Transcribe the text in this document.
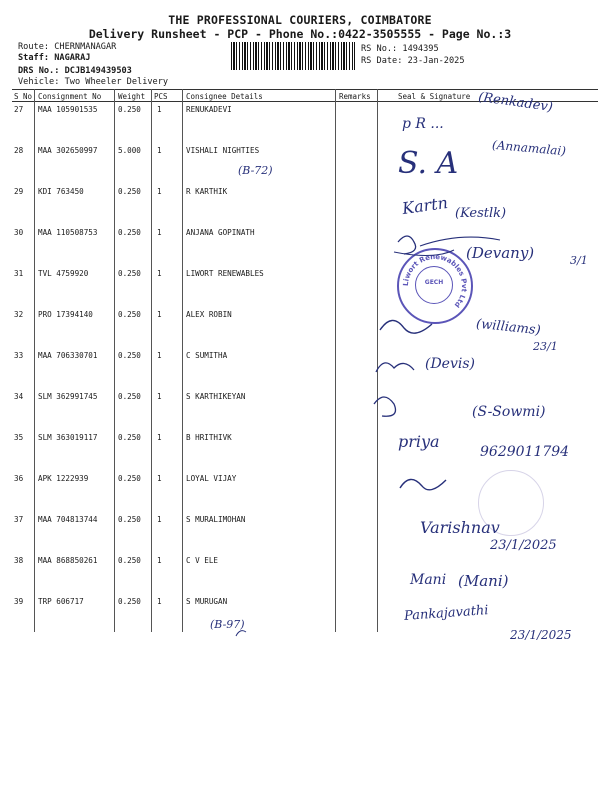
THE PROFESSIONAL COURIERS, COIMBATORE
Delivery Runsheet - PCP - Phone No.:0422-3505555 - Page No.:3
Route: CHERNMANAGAR
Staff: NAGARAJ
DRS No.: DCJB149439503
Vehicle: Two Wheeler Delivery
RS No.: 1494395
RS Date: 23-Jan-2025
S No Consignment No Weight PCS Consignee Details	Remarks	Seal & Signature
27 MAA 105901535	0.250 1	RENUKADEVI
28 MAA 302650997	5.000 1	VISHALI NIGHTIES
29 KDI 763450	0.250 1	R KARTHIK
30 MAA 110508753	0.250 1	ANJANA GOPINATH
31 TVL 4759920	0.250 1	LIWORT RENEWABLES
32 PRO 17394140	0.250 1	ALEX ROBIN
33 MAA 706330701	0.250 1	C SUMITHA
34 SLM 362991745	0.250 1	S KARTHIKEYAN
35 SLM 363019117	0.250 1	B HRITHIVK
36 APK 1222939	0.250 1	LOYAL VIJAY
37 MAA 704813744	0.250 1	S MURALIMOHAN
38 MAA 868850261	0.250 1	C V ELE
39 TRP 606717	0.250 1	S MURUGAN
Liwort Renewables Pvt Ltd
GECH
(Renkadev)
p R ...
S. A	(Annamalai)
(B-72)
Kartn (Kestlk)
(Devany)	3/1
(williams)
23/1
(Devis)
(S-Sowmi)
priya
9629011794
Varishnav
23/1/2025
Mani (Mani)
Pankajavathi
23/1/2025
(B-97)
